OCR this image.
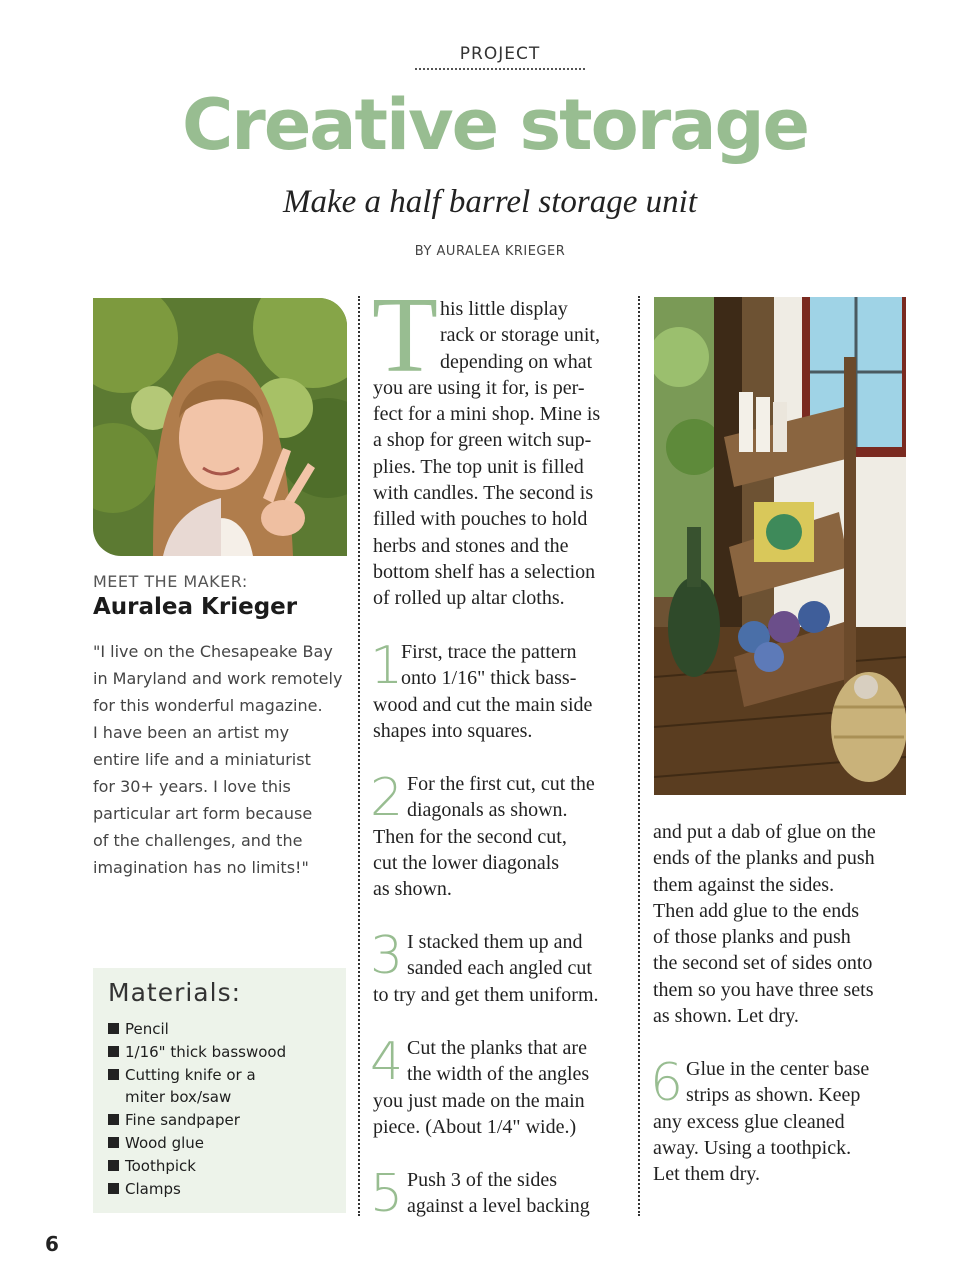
PROJECT
Creative storage
Make a half barrel storage unit
BY AURALEA KRIEGER
MEET THE MAKER:
Auralea Krieger
"I live on the Chesapeake Bay
in Maryland and work remotely
for this wonderful magazine.
I have been an artist my
entire life and a miniaturist
for 30+ years. I love this
particular art form because
of the challenges, and the
imagination has no limits!"
Materials:
Pencil
1/16" thick basswood
Cutting knife or a
miter box/saw
Fine sandpaper
Wood glue
Toothpick
Clamps
6
T his little display
rack or storage unit,
depending on what
you are using it for, is per-
fect for a mini shop. Mine is
a shop for green witch sup-
plies. The top unit is filled
with candles. The second is
filled with pouches to hold
herbs and stones and the
bottom shelf has a selection
of rolled up altar cloths.
1
First, trace the pattern
onto 1/16" thick bass-
wood and cut the main side
shapes into squares.
2 For the first cut, cut the
diagonals as shown.
Then for the second cut,
cut the lower diagonals
as shown.
3 I stacked them up and
sanded each angled cut
to try and get them uniform.
4 Cut the planks that are
the width of the angles
you just made on the main
piece. (About 1/4" wide.)
5 Push 3 of the sides
against a level backing
and put a dab of glue on the
ends of the planks and push
them against the sides.
Then add glue to the ends
of those planks and push
the second set of sides onto
them so you have three sets
as shown. Let dry.
6 Glue in the center base
strips as shown. Keep
any excess glue cleaned
away. Using a toothpick.
Let them dry.
